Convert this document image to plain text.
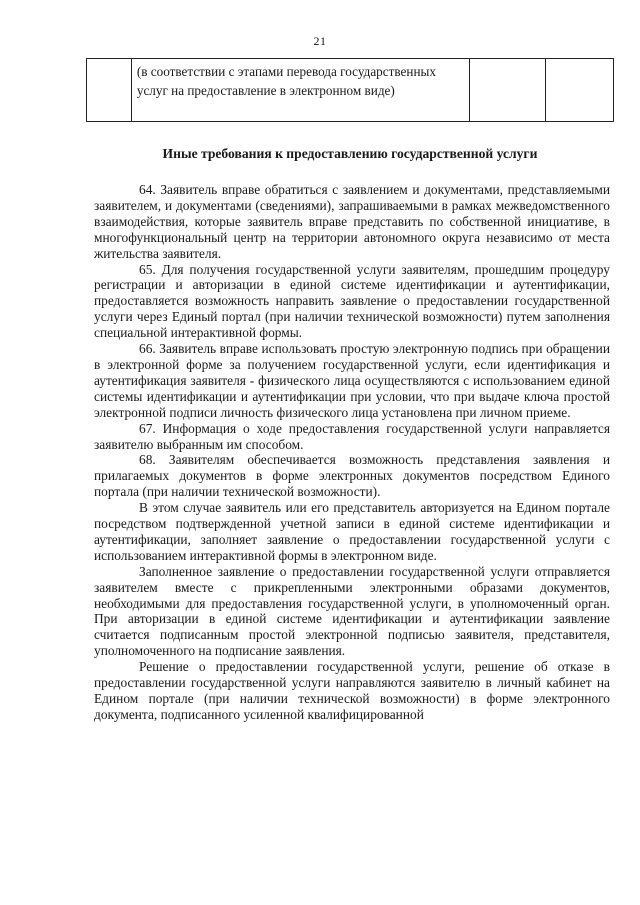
21
	(в соответствии с этапами перевода государственных услуг на предоставление в электронном виде)		
Иные требования к предоставлению государственной услуги

64. Заявитель вправе обратиться с заявлением и документами, представляемыми заявителем, и документами (сведениями), запрашиваемыми в рамках межведомственного взаимодействия, которые заявитель вправе представить по собственной инициативе, в многофункциональный центр на территории автономного округа независимо от места жительства заявителя.

65. Для получения государственной услуги заявителям, прошедшим процедуру регистрации и авторизации в единой системе идентификации и аутентификации, предоставляется возможность направить заявление о предоставлении государственной услуги через Единый портал (при наличии технической возможности) путем заполнения специальной интерактивной формы.

66. Заявитель вправе использовать простую электронную подпись при обращении в электронной форме за получением государственной услуги, если идентификация и аутентификация заявителя - физического лица осуществляются с использованием единой системы идентификации и аутентификации при условии, что при выдаче ключа простой электронной подписи личность физического лица установлена при личном приеме.

67. Информация о ходе предоставления государственной услуги направляется заявителю выбранным им способом.

68. Заявителям обеспечивается возможность представления заявления и прилагаемых документов в форме электронных документов посредством Единого портала (при наличии технической возможности).

В этом случае заявитель или его представитель авторизуется на Едином портале посредством подтвержденной учетной записи в единой системе идентификации и аутентификации, заполняет заявление о предоставлении государственной услуги с использованием интерактивной формы в электронном виде.

Заполненное заявление о предоставлении государственной услуги отправляется заявителем вместе с прикрепленными электронными образами документов, необходимыми для предоставления государственной услуги, в уполномоченный орган. При авторизации в единой системе идентификации и аутентификации заявление считается подписанным простой электронной подписью заявителя, представителя, уполномоченного на подписание заявления.

Решение о предоставлении государственной услуги, решение об отказе в предоставлении государственной услуги направляются заявителю в личный кабинет на Едином портале (при наличии технической возможности) в форме электронного документа, подписанного усиленной квалифицированной
